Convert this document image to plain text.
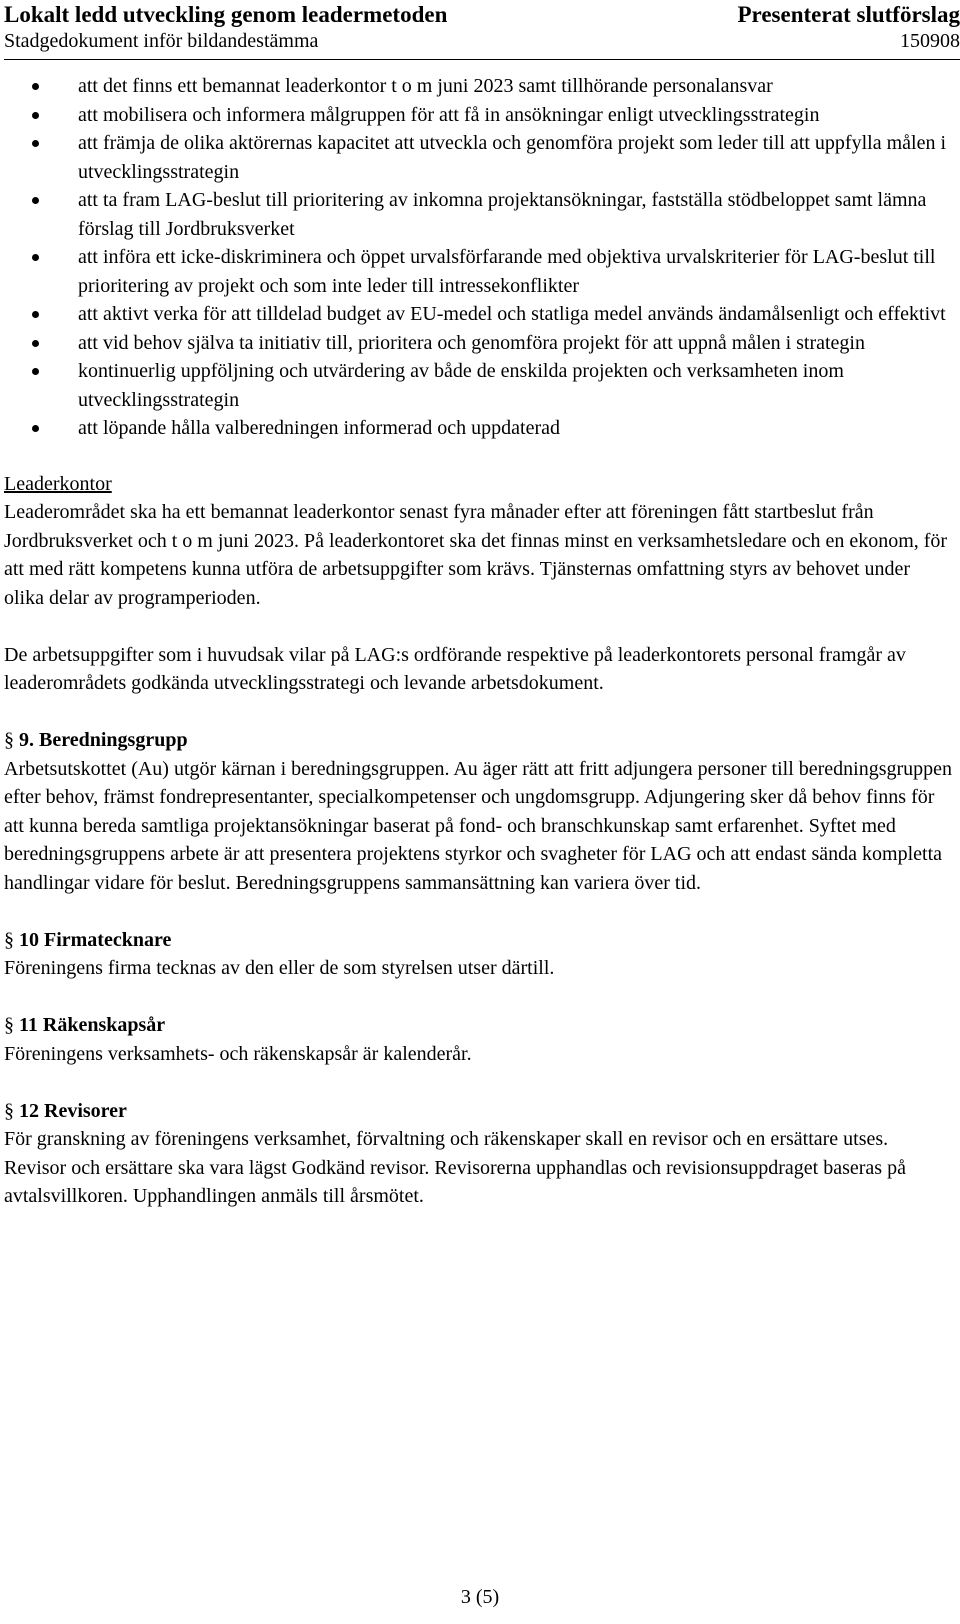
Lokalt ledd utveckling genom leadermetoden	Presenterat slutförslag
Stadgedokument inför bildandestämma	150908
att det finns ett bemannat leaderkontor t o m juni 2023 samt tillhörande personalansvar
att mobilisera och informera målgruppen för att få in ansökningar enligt utvecklingsstrategin
att främja de olika aktörernas kapacitet att utveckla och genomföra projekt som leder till att uppfylla målen i utvecklingsstrategin
att ta fram LAG-beslut till prioritering av inkomna projektansökningar, fastställa stödbeloppet samt lämna förslag till Jordbruksverket
att införa ett icke-diskriminera och öppet urvalsförfarande med objektiva urvalskriterier för LAG-beslut till prioritering av projekt och som inte leder till intressekonflikter
att aktivt verka för att tilldelad budget av EU-medel och statliga medel används ändamålsenligt och effektivt
att vid behov själva ta initiativ till, prioritera och genomföra projekt för att uppnå målen i strategin
kontinuerlig uppföljning och utvärdering av både de enskilda projekten och verksamheten inom utvecklingsstrategin
att löpande hålla valberedningen informerad och uppdaterad

Leaderkontor

Leaderområdet ska ha ett bemannat leaderkontor senast fyra månader efter att föreningen fått startbeslut från Jordbruksverket och t o m juni 2023. På leaderkontoret ska det finnas minst en verksamhetsledare och en ekonom, för att med rätt kompetens kunna utföra de arbetsuppgifter som krävs. Tjänsternas omfattning styrs av behovet under olika delar av programperioden.

De arbetsuppgifter som i huvudsak vilar på LAG:s ordförande respektive på leaderkontorets personal framgår av leaderområdets godkända utvecklingsstrategi och levande arbetsdokument.

§ 9. Beredningsgrupp

Arbetsutskottet (Au) utgör kärnan i beredningsgruppen. Au äger rätt att fritt adjungera personer till beredningsgruppen efter behov, främst fondrepresentanter, specialkompetenser och ungdomsgrupp. Adjungering sker då behov finns för att kunna bereda samtliga projektansökningar baserat på fond- och branschkunskap samt erfarenhet. Syftet med beredningsgruppens arbete är att presentera projektens styrkor och svagheter för LAG och att endast sända kompletta handlingar vidare för beslut. Beredningsgruppens sammansättning kan variera över tid.

§ 10 Firmatecknare

Föreningens firma tecknas av den eller de som styrelsen utser därtill.

§ 11 Räkenskapsår

Föreningens verksamhets- och räkenskapsår är kalenderår.

§ 12 Revisorer

För granskning av föreningens verksamhet, förvaltning och räkenskaper skall en revisor och en ersättare utses. Revisor och ersättare ska vara lägst Godkänd revisor. Revisorerna upphandlas och revisionsuppdraget baseras på avtalsvillkoren. Upphandlingen anmäls till årsmötet.

3 (5)
